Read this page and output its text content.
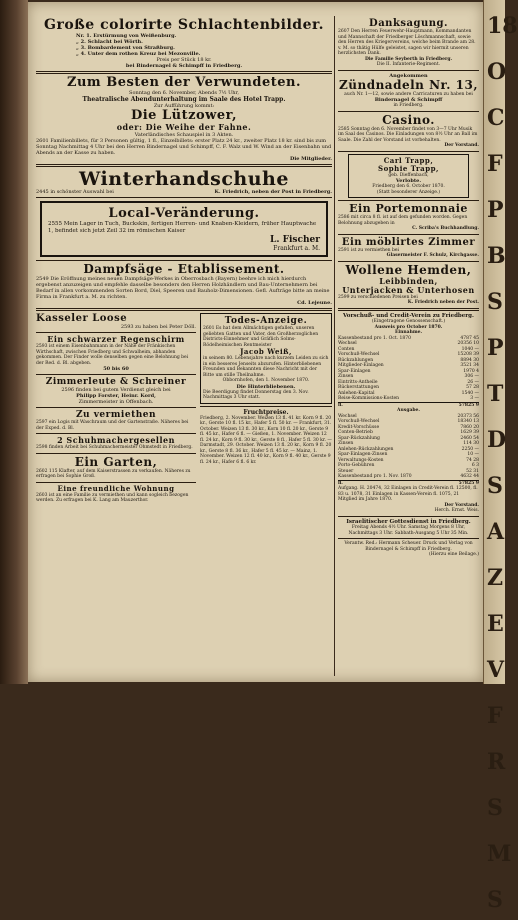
Große colorirte Schlachtenbilder.
Nr. 1. Erstürmung von Weißenburg.
„ 2. Schlacht bei Wörth.
„ 3. Bombardement von Straßburg.
„ 4. Unter dem rothen Kreuz bei Mezonville.
Preis per Stück 18 kr.
bei Bindernagel & Schimpff in Friedberg.
Zum Besten der Verwundeten.
Sonntag den 6. November, Abends 7½ Uhr,
Theatralische Abendunterhaltung im Saale des Hotel Trapp.
Zur Aufführung kommt:
Die Lützower,
oder: Die Weihe der Fahne.
Vaterländisches Schauspiel in 3 Akten.
2601 Familienbillets, für 3 Personen gültig, 1 fl., Einzelbillets: erster Platz 24 kr., zweiter Platz 18 kr. sind bis zum Sonntag Nachmittag 4 Uhr bei den Herren Bindernagel und Schimpff, C. F. Walz und W. Wind an der Eisenbahn und Abends an der Kasse zu haben.
Die Mitglieder.
Winterhandschuhe
2445 in schönster Auswahl bei	K. Friedrich, neben der Post in Friedberg.
Local-Veränderung.
2555 Mein Lager in Tuch, Buckskin, fertigen Herren- und Knaben-Kleidern, früher Hauptwache 1, befindet sich jetzt Zeil 32 im römischen Kaiser
L. Fischer
Frankfurt a. M.
Dampfsäge - Etablissement.
2549 Die Eröffnung meines neuen Dampfsäge-Werkes in Oberrosbach (Bayern) beehre ich mich hierdurch ergebenst anzuzeigen und empfehle dasselbe besonders den Herren Holzhändlern und Bau-Unternehmern bei Bedarf in allen vorkommenden Sorten Bord, Diel, Speeren und Bauholz-Dimensionen. Gefl. Aufträge bitte an meine Firma in Frankfurt a. M. zu richten.
Cd. Lejeune.
Kasseler Loose
2593 zu haben bei Peter Döll.
Ein schwarzer Regenschirm
2593 ist einem Eisenbahnmann in der Nähe der Fränkischen Wirthschaft, zwischen Friedberg und Schwalheim, abhanden gekommen. Der Finder wolle denselben gegen eine Belohnung bei der Red. d. Bl. abgeben.
50 bis 60
Zimmerleute & Schreiner
2596 finden bei gutem Verdienst gleich bei
Philipp Forster, Heinr. Kord,
Zimmermeister in Offenbach.
Zu vermiethen
2597 ein Logis mit Waschraum und der Gartenstraße. Näheres bei der Exped. d. Bl.
2 Schuhmachergesellen
2598 finden Arbeit bei Schuhmachermeister Ohmstedt in Friedberg.
Ein Garten,
2602 115 Klafter, auf dem Kaiserstrassen zu verkaufen. Näheres zu erfragen bei Sophie Groß.
Eine freundliche Wohnung
2603 ist an eine Familie zu vermiethen und kann sogleich bezogen werden. Zu erfragen bei K. Lang am Mauzerthor.
Todes-Anzeige.
2601 Es hat dem Allmächtigen gefallen, unseren geliebten Gatten und Vater, den Großherzoglichen Districts-Einnehmer und Gräflich Solms-Rödelheimischen Rentmeister
Jacob Weiß,
in seinem 80. Lebensjahre nach kurzem Leiden zu sich in ein besseres Jenseits abzurufen. Hinterbliebenen Freunden und Bekannten diese Nachricht mit der Bitte um stille Theilnahme.
Obbornhofen, den 1. November 1870.
Die Hinterbliebenen.
Die Beerdigung findet Donnerstag den 3. Nov. Nachmittags 3 Uhr statt.
Fruchtpreise.
Friedberg, 2. November. Weizen 13 fl. 41 kr. Korn 9 fl. 20 kr., Gerste 10 fl. 15 kr., Hafer 5 fl. 50 kr. — Frankfurt, 31. October. Weizen 13 fl. 30 kr., Korn 10 fl. 20 kr., Gerste 9 fl. 45 kr., Hafer 6 fl. — Gießen, 1. November. Weizen 12 fl. 24 kr., Korn 9 fl. 30 kr., Gerste 8 fl., Hafer 5 fl. 30 kr. — Darmstadt, 29. October. Weizen 13 fl. 20 kr., Korn 9 fl. 20 kr., Gerste 8 fl. 36 kr., Hafer 5 fl. 45 kr. — Mainz, 1. November. Weizen 12 fl. 40 kr., Korn 9 fl. 40 kr., Gerste 9 fl. 24 kr., Hafer 6 fl. 6 kr.
Danksagung.
2607 Den Herren Feuerwehr-Hauptmann, Kommandanten und Mannschaft der Friedberger Löschmannschaft, sowie den Herren des Kriegervereins, welche beim Brande am 28. v. M. so thätig Hülfe geleistet, sagen wir hiermit unseren herzlichsten Dank.
Die Familie Seyberth in Friedberg.
Die II. Infanterie-Regiment.
Angekommen
Zündnadeln Nr. 13,
auch Nr. 1—12, sowie andere Carricaturen zu haben bei
Bindernagel & Schimpff
in Friedberg.
Casino.
2585 Sonntag den 6. November findet von 3—7 Uhr Musik im Saal des Casinos. Die Einladungen von 8½ Uhr an Ball im Saale. Die Zahl der Vorstand ist vorbehalten.
Der Vorstand.
Carl Trapp,
Sophie Trapp,
geb. Dieffenbach,
Verlobte.
Friedberg den 6. October 1870.
(Statt besonderer Anzeige.)
Ein Portemonnaie
2586 mit circa 8 fl. ist auf dem gefunden worden. Gegen Belohnung abzugeben in
C. Scriba's Buchhandlung.
Ein möblirtes Zimmer
2591 ist zu vermiethen bei
Glasermeister F. Schulz, Kirchgasse.
Wollene Hemden,
Leibbinden,
Unterjacken & Unterhosen
2599 zu verschiedenen Preisen bei
K. Friedrich neben der Post.
Vorschuß- und Credit-Verein zu Friedberg.
(Eingetragene Genossenschaft.)
Ausweis pro October 1870.
Einnahme.
Kassenbestand pro 1. Oct. 1870	4787 45
Wechsel	20356 10
Conten	1040 —
Vorschuß-Wechsel	15208 39
Rückzahlungen	8894 30
Mitglieder-Einlagen	3521 34
Spar-Einlagen	1970 4
Zinsen	306 —
Eintritts-Antheile	26 —
Rückerstattungen	57 28
Anlehen-Kapital	1540 —
Reise-Kommissions-Kosten	3 —
fl.	57825 9
Ausgabe.
Wechsel	20373 56
Vorschuß-Wechsel	18340 13
Kredit-Vorschüsse	7860 20
Conten-Betrieb	1629 39
Spar-Rückzahlung	2460 54
Zinsen	114 30
Anlehen-Rückzahlungen	2250 —
Spar-Einlagen-Zinsen	10 —
Verwaltungs-Kosten	74 28
Porto-Gebühren	6 3
Steuer	52 31
Kassenbestand pro 1. Nov. 1870	4632 44
fl.	57825 9
Aufgang. H. 20474, 32 Einlagen in Credit-Verein fl. 12500, fl. 83 u. 1078, 31 Einlagen in Kassen-Verein fl. 1075, 21 Mitglied im Jahre 1870.
Der Vorstand.
Herch. Ernst. Weis.
Israelitischer Gottesdienst in Friedberg.
Freitag Abends 4½ Uhr. Samstag Morgens 8 Uhr, Nachmittags 3 Uhr. Sabbath-Ausgang 5 Uhr 35 Min.
Verantw. Red.: Hermann Scheuer. Druck und Verlag von Bindernagel & Schimpff in Friedberg.
(Hierzu eine Beilage.)
18
O
C
F
P
B
S
P
T
D
S
A
Z
E
V
F
R
S
M
S
